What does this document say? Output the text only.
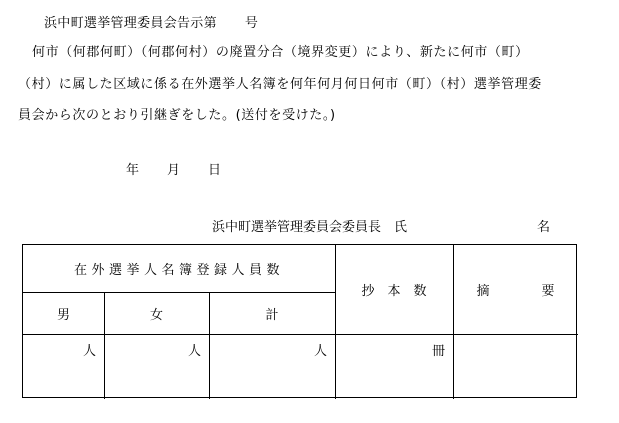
浜中町選挙管理委員会告示第 号
何市（何郡何町）（何郡何村）の廃置分合（境界変更）により、新たに何市（町）
（村）に属した区域に係る在外選挙人名簿を何年何月何日何市（町）（村）選挙管理委
員会から次のとおり引継ぎをした。(送付を受けた。)
年 月 日
浜中町選挙管理委員会委員長　氏	名
在外選挙人名簿登録人員数
男	女	計
抄　本　数	摘　　　　要
人	人	人	冊
